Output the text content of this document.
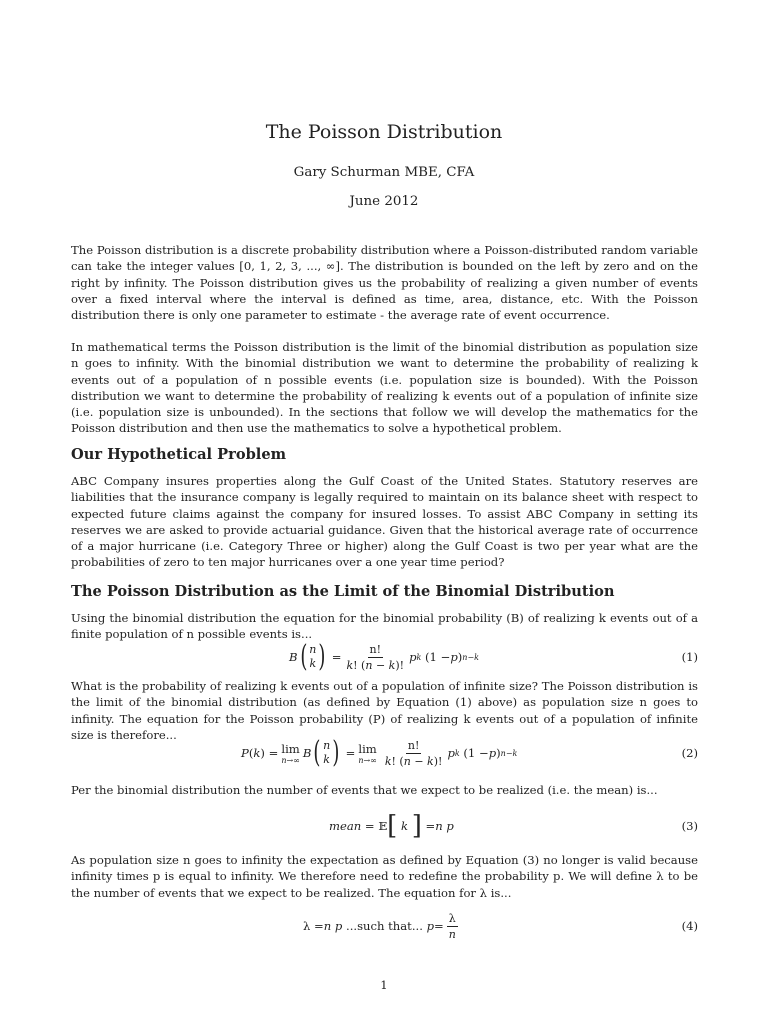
The Poisson Distribution
Gary Schurman MBE, CFA
June 2012

The Poisson distribution is a discrete probability distribution where a Poisson-distributed random variable can take the integer values [0, 1, 2, 3, ..., ∞]. The distribution is bounded on the left by zero and on the right by infinity. The Poisson distribution gives us the probability of realizing a given number of events over a fixed interval where the interval is defined as time, area, distance, etc. With the Poisson distribution there is only one parameter to estimate - the average rate of event occurrence.

In mathematical terms the Poisson distribution is the limit of the binomial distribution as population size n goes to infinity. With the binomial distribution we want to determine the probability of realizing k events out of a population of n possible events (i.e. population size is bounded). With the Poisson distribution we want to determine the probability of realizing k events out of a population of infinite size (i.e. population size is unbounded). In the sections that follow we will develop the mathematics for the Poisson distribution and then use the mathematics to solve a hypothetical problem.

Our Hypothetical Problem

ABC Company insures properties along the Gulf Coast of the United States. Statutory reserves are liabilities that the insurance company is legally required to maintain on its balance sheet with respect to expected future claims against the company for insured losses. To assist ABC Company in setting its reserves we are asked to provide actuarial guidance. Given that the historical average rate of occurrence of a major hurricane (i.e. Category Three or higher) along the Gulf Coast is two per year what are the probabilities of zero to ten major hurricanes over a one year time period?

The Poisson Distribution as the Limit of the Binomial Distribution

Using the binomial distribution the equation for the binomial probability (B) of realizing k events out of a finite population of n possible events is...

B ( n
k ) = $\frac{n!}{k! (n - k)!}$ p k (1 − p ) n−k	(1)

What is the probability of realizing k events out of a population of infinite size? The Poisson distribution is the limit of the binomial distribution (as defined by Equation (1) above) as population size n goes to infinity. The equation for the Poisson probability (P) of realizing k events out of a population of infinite size is therefore...

P ( k ) = lim
n→∞ B ( n
k ) = lim
$n\to\infty \frac{n!}{k! (n - k)!}$ p k (1 − p ) n−k	(2)

Per the binomial distribution the number of events that we expect to be realized (i.e. the mean) is...

mean = 𝔼 [
k
] = n p	(3)

As population size n goes to infinity the expectation as defined by Equation (3) no longer is valid because infinity times p is equal to infinity. We therefore need to redefine the probability p. We will define λ to be the number of events that we expect to be realized. The equation for λ is...

λ = n p
...such that...
$p = \frac{\lambda}{n}$	(4)
1
